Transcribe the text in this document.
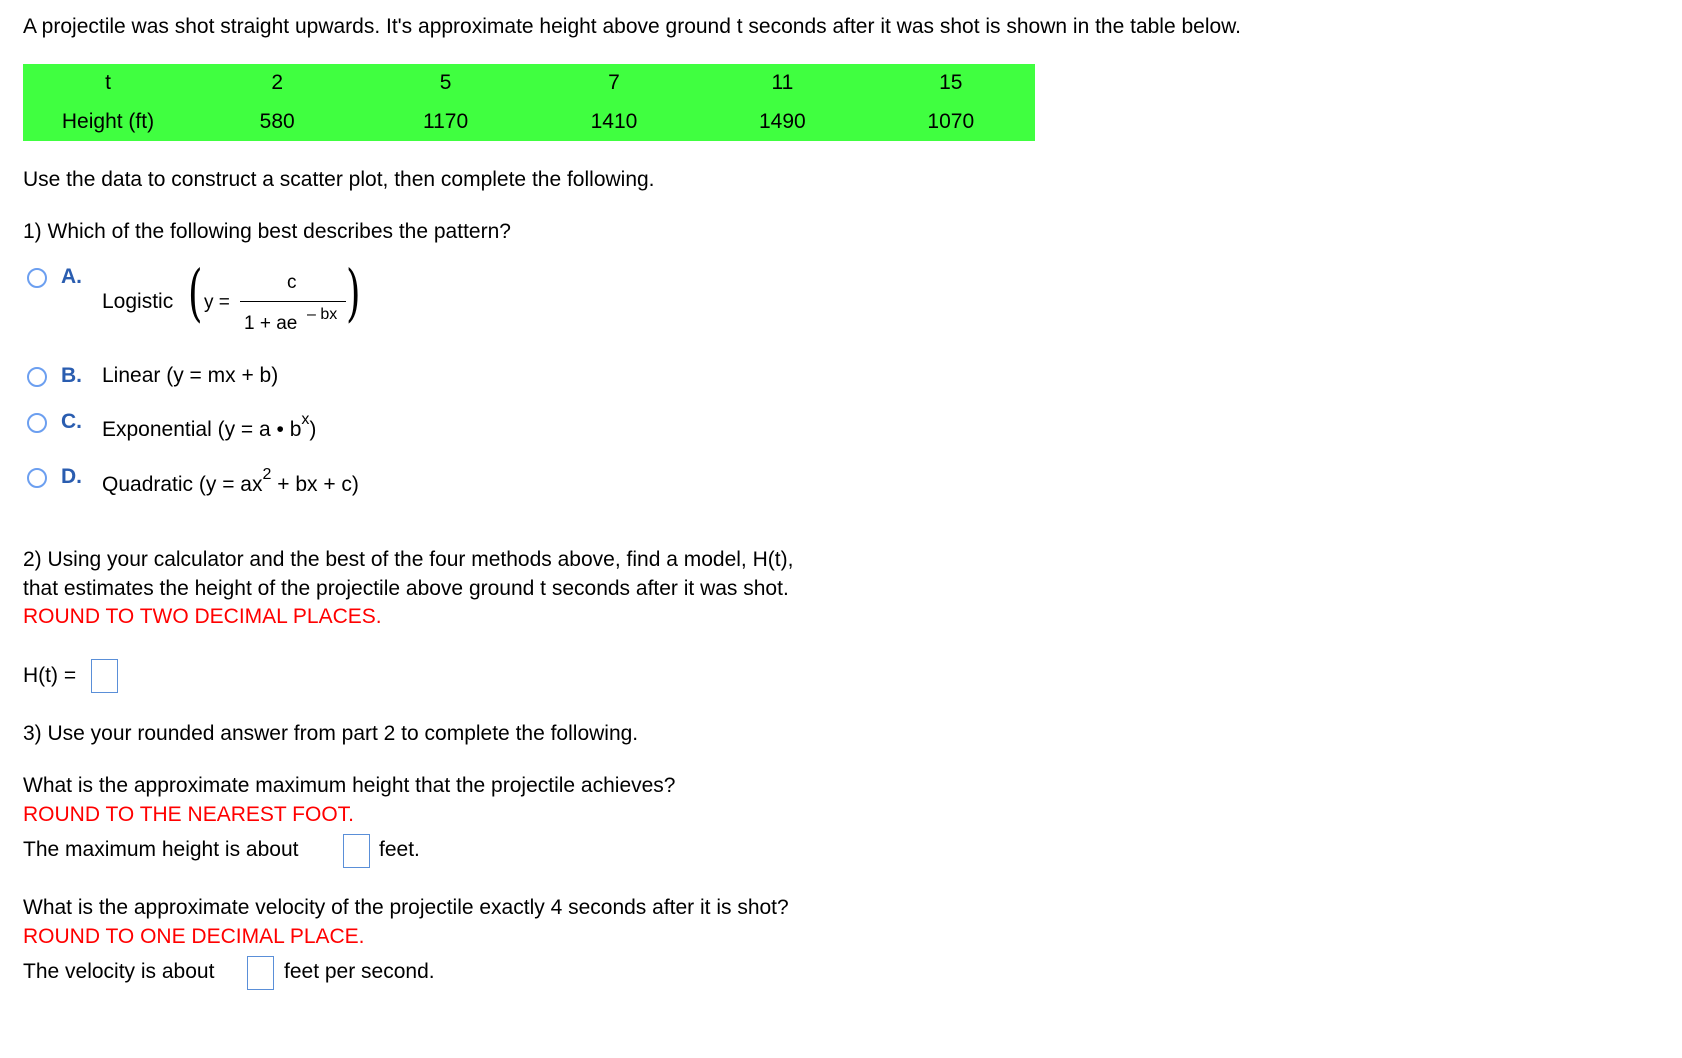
A projectile was shot straight upwards. It's approximate height above ground t seconds after it was shot is shown in the table below.
t	2	5	7	11	15
Height (ft)	580	1170	1410	1490	1070
Use the data to construct a scatter plot, then complete the following.
1) Which of the following best describes the pattern?
A.
Logistic ( y =
c
1 + ae – bx )
B. Linear (y = mx + b)
C. Exponential (y = a • $b^x$)
D. Quadratic ($y = ax^2$ + bx + c)
2) Using your calculator and the best of the four methods above, find a model, H(t),
that estimates the height of the projectile above ground t seconds after it was shot.
ROUND TO TWO DECIMAL PLACES.
H(t) =
3) Use your rounded answer from part 2 to complete the following.
What is the approximate maximum height that the projectile achieves?
ROUND TO THE NEAREST FOOT.
The maximum height is about	feet.
What is the approximate velocity of the projectile exactly 4 seconds after it is shot?
ROUND TO ONE DECIMAL PLACE.
The velocity is about	feet per second.
